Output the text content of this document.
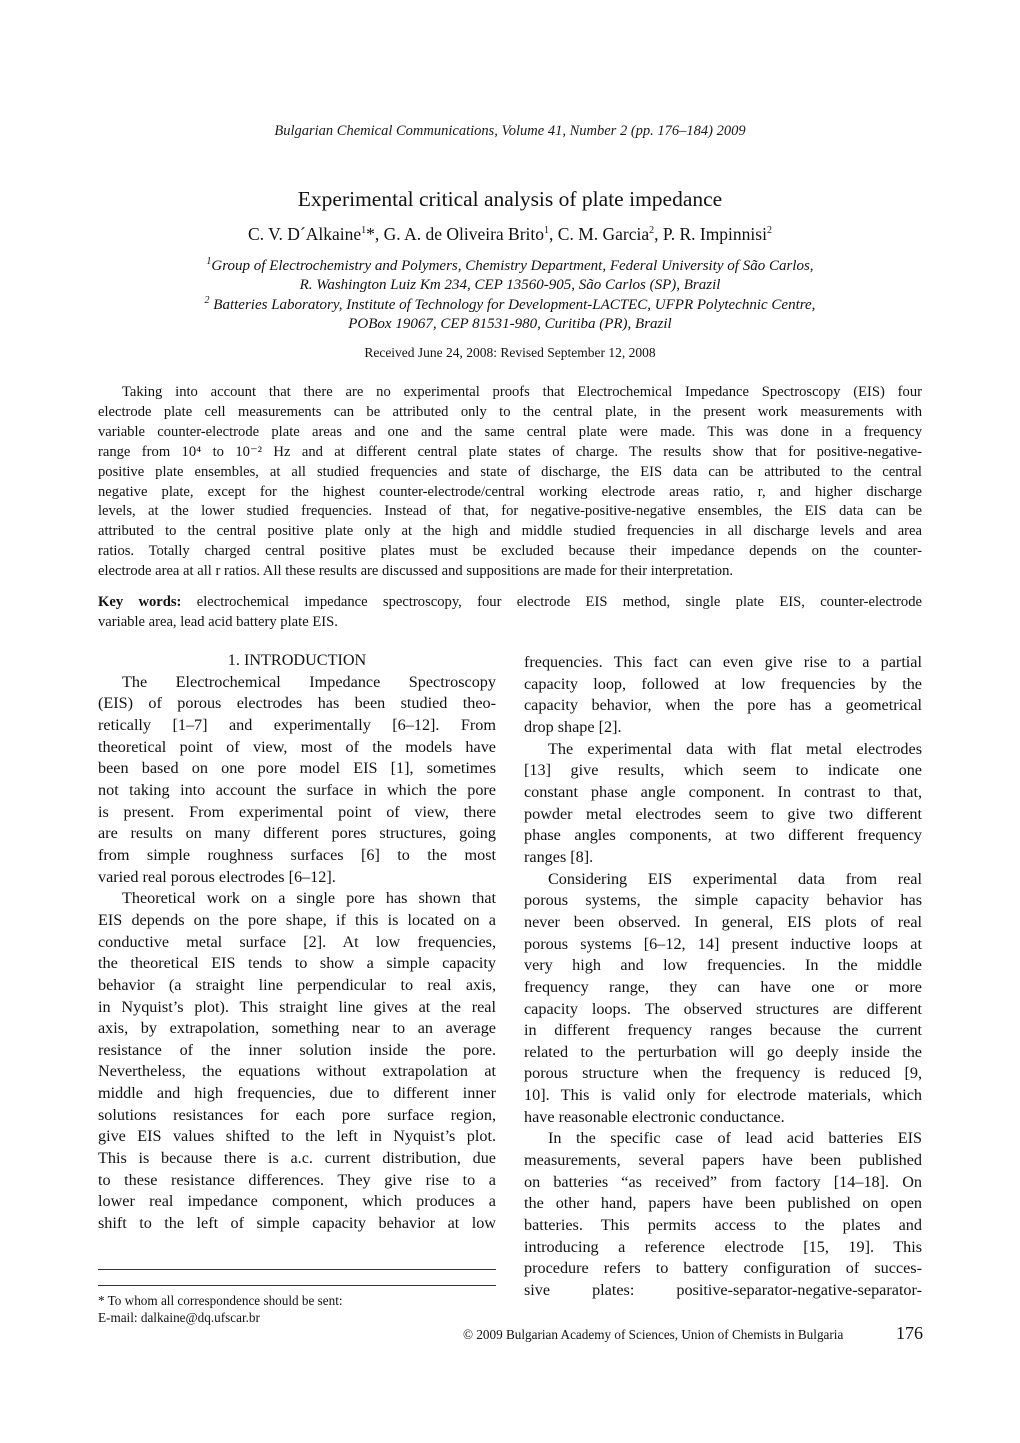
Bulgarian Chemical Communications, Volume 41, Number 2 (pp. 176–184) 2009
Experimental critical analysis of plate impedance
C. V. D´Alkaine$^1$*, G. A. de Oliveira Brito$^1$, C. M. Garcia$^2$, P. R. Impinnisi$^2$
$^1$Group of Electrochemistry and Polymers, Chemistry Department, Federal University of São Carlos,
R. Washington Luiz Km 234, CEP 13560-905, São Carlos (SP), Brazil
$^2$ Batteries Laboratory, Institute of Technology for Development-LACTEC, UFPR Polytechnic Centre,
POBox 19067, CEP 81531-980, Curitiba (PR), Brazil
Received June 24, 2008: Revised September 12, 2008
Taking into account that there are no experimental proofs that Electrochemical Impedance Spectroscopy (EIS) four
electrode plate cell measurements can be attributed only to the central plate, in the present work measurements with
variable counter-electrode plate areas and one and the same central plate were made. This was done in a frequency
range from 10⁴ to 10⁻² Hz and at different central plate states of charge. The results show that for positive-negative-
positive plate ensembles, at all studied frequencies and state of discharge, the EIS data can be attributed to the central
negative plate, except for the highest counter-electrode/central working electrode areas ratio, r, and higher discharge
levels, at the lower studied frequencies. Instead of that, for negative-positive-negative ensembles, the EIS data can be
attributed to the central positive plate only at the high and middle studied frequencies in all discharge levels and area
ratios. Totally charged central positive plates must be excluded because their impedance depends on the counter-
electrode area at all r ratios. All these results are discussed and suppositions are made for their interpretation.
Key words: electrochemical impedance spectroscopy, four electrode EIS method, single plate EIS, counter-electrode
variable area, lead acid battery plate EIS.
1. INTRODUCTION
The Electrochemical Impedance Spectroscopy
(EIS) of porous electrodes has been studied theo-
retically [1–7] and experimentally [6–12]. From
theoretical point of view, most of the models have
been based on one pore model EIS [1], sometimes
not taking into account the surface in which the pore
is present. From experimental point of view, there
are results on many different pores structures, going
from simple roughness surfaces [6] to the most
varied real porous electrodes [6–12].
Theoretical work on a single pore has shown that
EIS depends on the pore shape, if this is located on a
conductive metal surface [2]. At low frequencies,
the theoretical EIS tends to show a simple capacity
behavior (a straight line perpendicular to real axis,
in Nyquist’s plot). This straight line gives at the real
axis, by extrapolation, something near to an average
resistance of the inner solution inside the pore.
Nevertheless, the equations without extrapolation at
middle and high frequencies, due to different inner
solutions resistances for each pore surface region,
give EIS values shifted to the left in Nyquist’s plot.
This is because there is a.c. current distribution, due
to these resistance differences. They give rise to a
lower real impedance component, which produces a
shift to the left of simple capacity behavior at low
frequencies. This fact can even give rise to a partial
capacity loop, followed at low frequencies by the
capacity behavior, when the pore has a geometrical
drop shape [2].
The experimental data with flat metal electrodes
[13] give results, which seem to indicate one
constant phase angle component. In contrast to that,
powder metal electrodes seem to give two different
phase angles components, at two different frequency
ranges [8].
Considering EIS experimental data from real
porous systems, the simple capacity behavior has
never been observed. In general, EIS plots of real
porous systems [6–12, 14] present inductive loops at
very high and low frequencies. In the middle
frequency range, they can have one or more
capacity loops. The observed structures are different
in different frequency ranges because the current
related to the perturbation will go deeply inside the
porous structure when the frequency is reduced [9,
10]. This is valid only for electrode materials, which
have reasonable electronic conductance.
In the specific case of lead acid batteries EIS
measurements, several papers have been published
on batteries “as received” from factory [14–18]. On
the other hand, papers have been published on open
batteries. This permits access to the plates and
introducing a reference electrode [15, 19]. This
procedure refers to battery configuration of succes-
sive plates: positive-separator-negative-separator-
* To whom all correspondence should be sent:
E-mail: dalkaine@dq.ufscar.br
© 2009 Bulgarian Academy of Sciences, Union of Chemists in Bulgaria	176
